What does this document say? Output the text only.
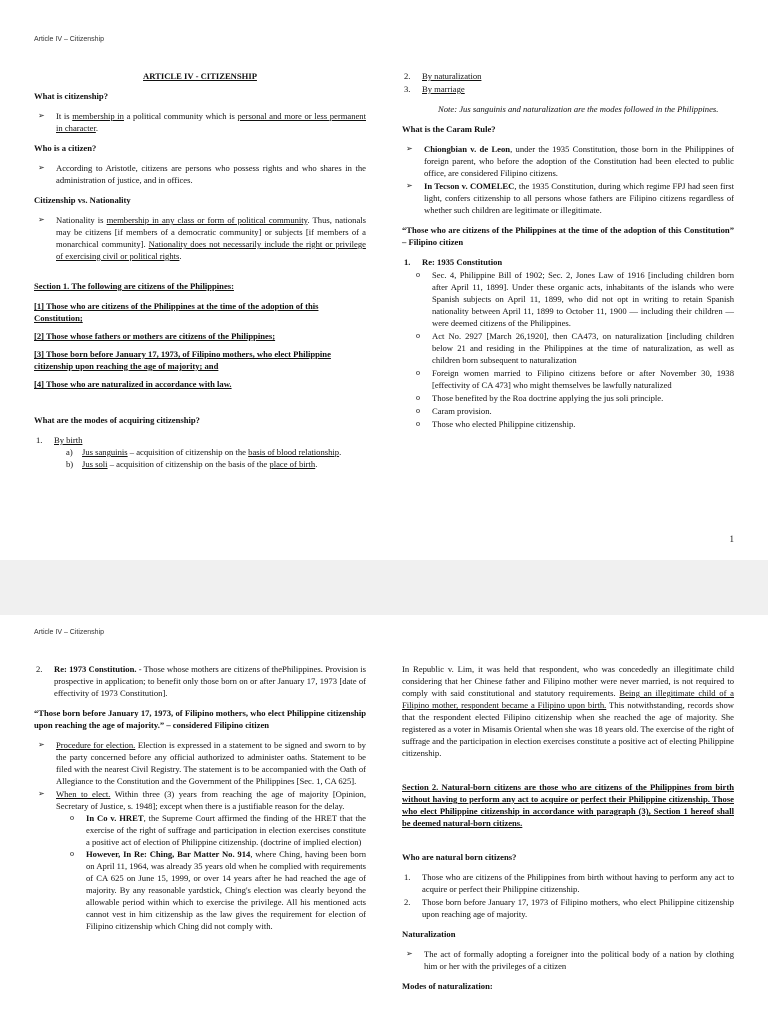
Article IV – Citizenship

ARTICLE IV - CITIZENSHIP

What is citizenship?

➢ It is membership in a political community which is personal and more or less permanent in character.

Who is a citizen?

➢ According to Aristotle, citizens are persons who possess rights and who shares in the administration of justice, and in offices.

Citizenship vs. Nationality

➢ Nationality is membership in any class or form of political community. Thus, nationals may be citizens [if members of a democratic community] or subjects [if members of a monarchical community]. Nationality does not necessarily include the right or privilege of exercising civil or political rights.

Section 1. The following are citizens of the Philippines:

[1] Those who are citizens of the Philippines at the time of the adoption of this Constitution;

[2] Those whose fathers or mothers are citizens of the Philippines;

[3] Those born before January 17, 1973, of Filipino mothers, who elect Philippine citizenship upon reaching the age of majority; and

[4] Those who are naturalized in accordance with law.

What are the modes of acquiring citizenship?

1. By birth
a) Jus sanguinis – acquisition of citizenship on the basis of blood relationship.
b) Jus soli – acquisition of citizenship on the basis of the place of birth.
2. By naturalization
3. By marriage

Note: Jus sanguinis and naturalization are the modes followed in the Philippines.

What is the Caram Rule?

➢ Chiongbian v. de Leon, under the 1935 Constitution, those born in the Philippines of foreign parent, who before the adoption of the Constitution had been elected to public office, are considered Filipino citizens.
➢ In Tecson v. COMELEC, the 1935 Constitution, during which regime FPJ had seen first light, confers citizenship to all persons whose fathers are Filipino citizens regardless of whether such children are legitimate or illegitimate.

“Those who are citizens of the Philippines at the time of the adoption of this Constitution” – Filipino citizen

1. Re: 1935 Constitution
o Sec. 4, Philippine Bill of 1902; Sec. 2, Jones Law of 1916 [including children born after April 11, 1899]. Under these organic acts, inhabitants of the islands who were Spanish subjects on April 11, 1899, who did not opt in writing to retain Spanish nationality between April 11, 1899 to October 11, 1900 — including their children — were deemed citizens of the Philippines.
o Act No. 2927 [March 26,1920], then CA473, on naturalization [including children below 21 and residing in the Philippines at the time of naturalization, as well as children born subsequent to naturalization
o Foreign women married to Filipino citizens before or after November 30, 1938 [effectivity of CA 473] who might themselves be lawfully naturalized
o Those benefited by the Roa doctrine applying the jus soli principle.
o Caram provision.
o Those who elected Philippine citizenship.
1
Article IV – Citizenship
2. Re: 1973 Constitution. - Those whose mothers are citizens of thePhilippines. Provision is prospective in application; to benefit only those born on or after January 17, 1973 [date of effectivity of 1973 Constitution].

“Those born before January 17, 1973, of Filipino mothers, who elect Philippine citizenship upon reaching the age of majority.” – considered Filipino citizen

➢ Procedure for election. Election is expressed in a statement to be signed and sworn to by the party concerned before any official authorized to administer oaths. Statement to be filed with the nearest Civil Registry. The statement is to be accompanied with the Oath of Allegiance to the Constitution and the Government of the Philippines [Sec. 1, CA 625].
➢ When to elect. Within three (3) years from reaching the age of majority [Opinion, Secretary of Justice, s. 1948]; except when there is a justifiable reason for the delay.
o In Co v. HRET, the Supreme Court affirmed the finding of the HRET that the exercise of the right of suffrage and participation in election exercises constitute a positive act of election of Philippine citizenship. (doctrine of implied election)
o However, In Re: Ching, Bar Matter No. 914, where Ching, having been born on April 11, 1964, was already 35 years old when he complied with requirements of CA 625 on June 15, 1999, or over 14 years after he had reached the age of majority. By any reasonable yardstick, Ching's election was clearly beyond the allowable period within which to exercise the privilege. All his mentioned acts cannot vest in him citizenship as the law gives the requirement for election of Filipino citizenship which Ching did not comply with.

In Republic v. Lim, it was held that respondent, who was concededly an illegitimate child considering that her Chinese father and Filipino mother were never married, is not required to comply with said constitutional and statutory requirements. Being an illegitimate child of a Filipino mother, respondent became a Filipino upon birth. This notwithstanding, records show that the respondent elected Filipino citizenship when she reached the age of majority. She registered as a voter in Misamis Oriental when she was 18 years old. The exercise of the right of suffrage and the participation in election exercises constitute a positive act of electing Philippine citizenship.

Section 2. Natural-born citizens are those who are citizens of the Philippines from birth without having to perform any act to acquire or perfect their Philippine citizenship. Those who elect Philippine citizenship in accordance with paragraph (3), Section 1 hereof shall be deemed natural-born citizens.

Who are natural born citizens?

1. Those who are citizens of the Philippines from birth without having to perform any act to acquire or perfect their Philippine citizenship.
2. Those born before January 17, 1973 of Filipino mothers, who elect Philippine citizenship upon reaching age of majority.

Naturalization

➢ The act of formally adopting a foreigner into the political body of a nation by clothing him or her with the privileges of a citizen

Modes of naturalization:
